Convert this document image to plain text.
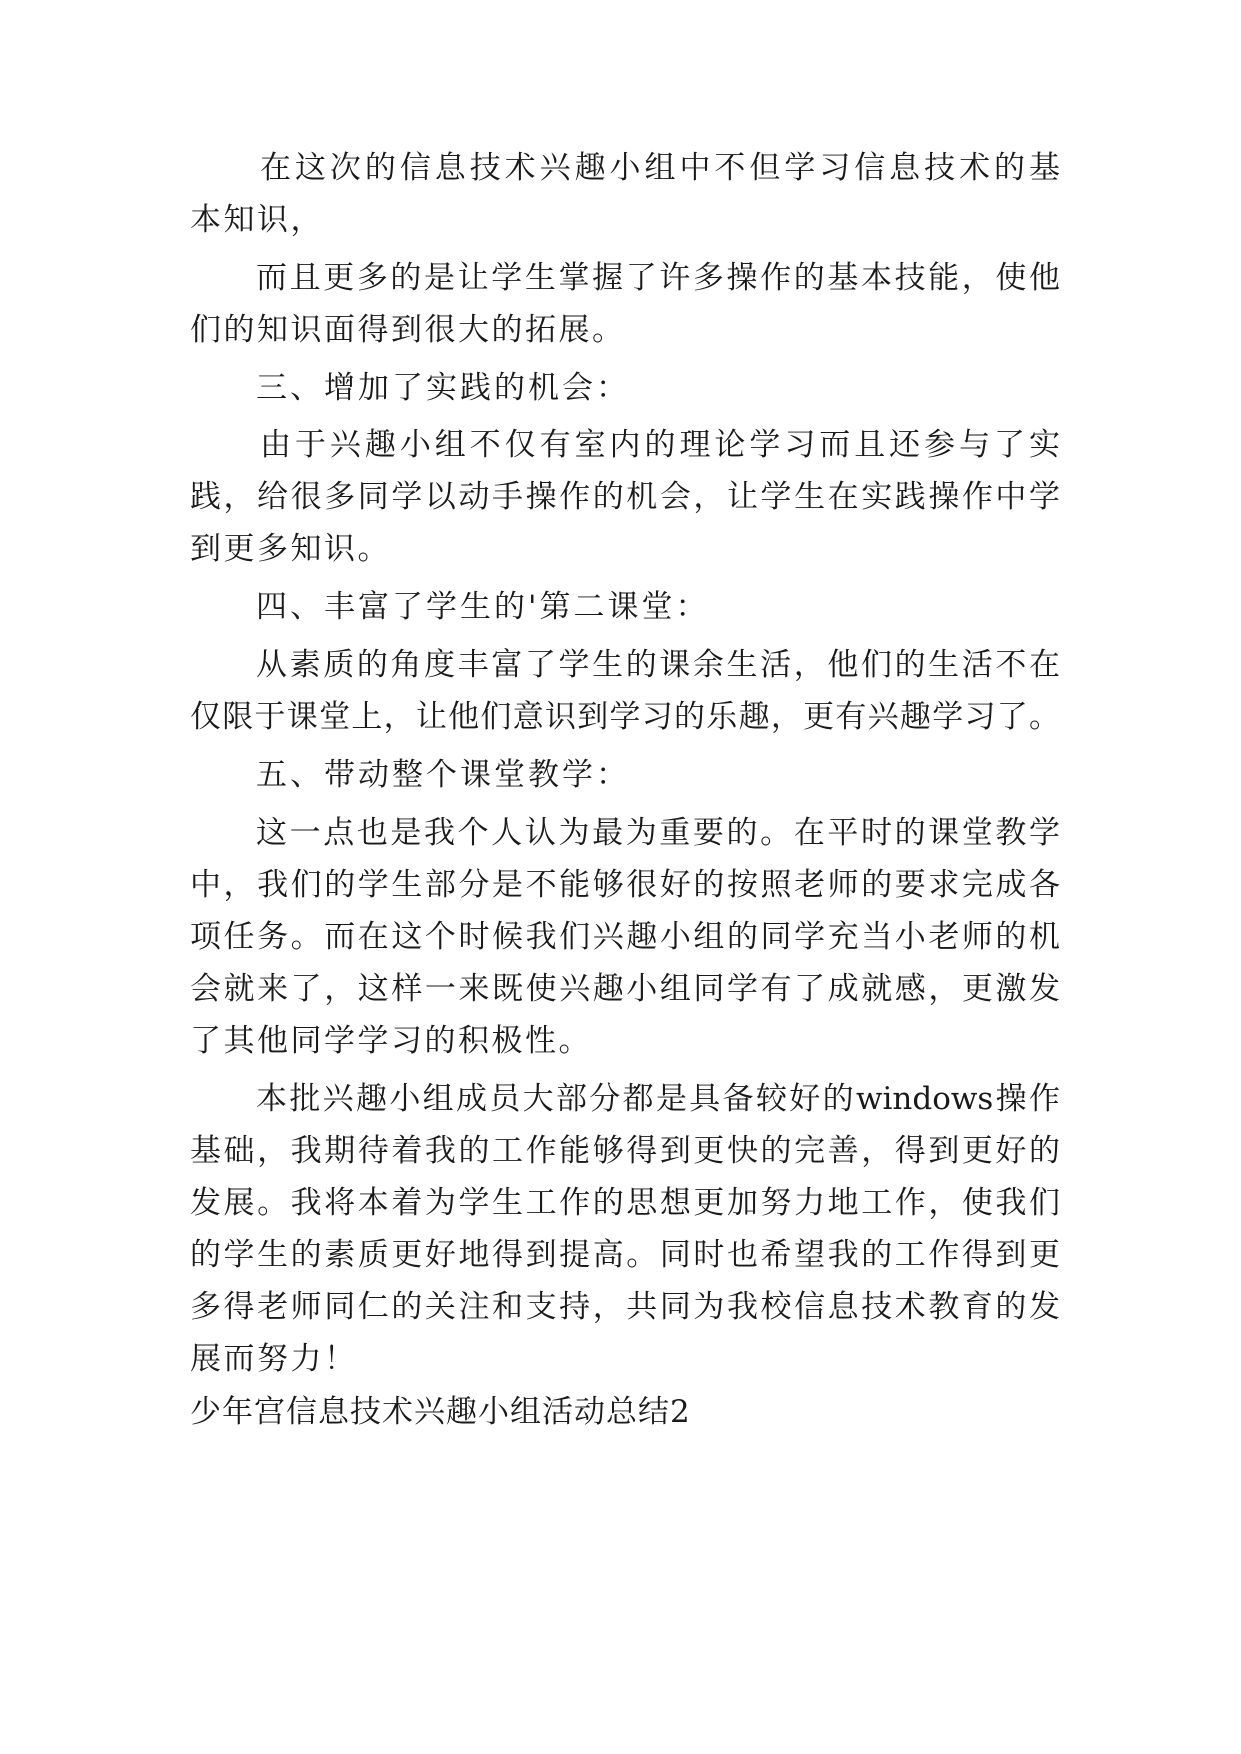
在这次的信息技术兴趣小组中不但学习信息技术的基
本知识，
而且更多的是让学生掌握了许多操作的基本技能，使他
们的知识面得到很大的拓展。
三、增加了实践的机会：
由于兴趣小组不仅有室内的理论学习而且还参与了实
践，给很多同学以动手操作的机会，让学生在实践操作中学
到更多知识。
四、丰富了学生的'第二课堂：
从素质的角度丰富了学生的课余生活，他们的生活不在
仅限于课堂上，让他们意识到学习的乐趣，更有兴趣学习了。
五、带动整个课堂教学：
这一点也是我个人认为最为重要的。在平时的课堂教学
中，我们的学生部分是不能够很好的按照老师的要求完成各
项任务。而在这个时候我们兴趣小组的同学充当小老师的机
会就来了，这样一来既使兴趣小组同学有了成就感，更激发
了其他同学学习的积极性。
本批兴趣小组成员大部分都是具备较好的windows操作
基础，我期待着我的工作能够得到更快的完善，得到更好的
发展。我将本着为学生工作的思想更加努力地工作，使我们
的学生的素质更好地得到提高。同时也希望我的工作得到更
多得老师同仁的关注和支持，共同为我校信息技术教育的发
展而努力！
少年宫信息技术兴趣小组活动总结2
